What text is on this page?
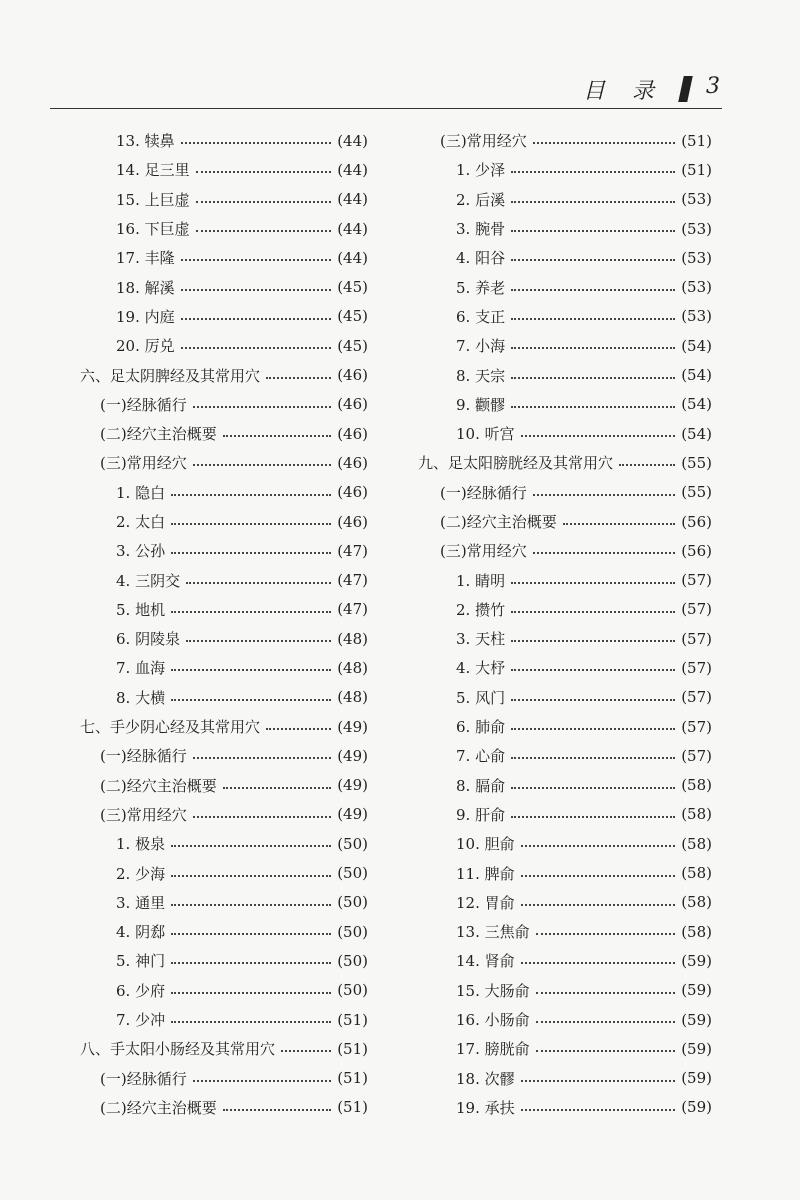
目 录 3
13. 犊鼻	(44)
14. 足三里	(44)
15. 上巨虚	(44)
16. 下巨虚	(44)
17. 丰隆	(44)
18. 解溪	(45)
19. 内庭	(45)
20. 厉兑	(45)
六、足太阴脾经及其常用穴	(46)
(一)经脉循行	(46)
(二)经穴主治概要	(46)
(三)常用经穴	(46)
1. 隐白	(46)
2. 太白	(46)
3. 公孙	(47)
4. 三阴交	(47)
5. 地机	(47)
6. 阴陵泉	(48)
7. 血海	(48)
8. 大横	(48)
七、手少阴心经及其常用穴	(49)
(一)经脉循行	(49)
(二)经穴主治概要	(49)
(三)常用经穴	(49)
1. 极泉	(50)
2. 少海	(50)
3. 通里	(50)
4. 阴郄	(50)
5. 神门	(50)
6. 少府	(50)
7. 少冲	(51)
八、手太阳小肠经及其常用穴	(51)
(一)经脉循行	(51)
(二)经穴主治概要	(51)
(三)常用经穴	(51)
1. 少泽	(51)
2. 后溪	(53)
3. 腕骨	(53)
4. 阳谷	(53)
5. 养老	(53)
6. 支正	(53)
7. 小海	(54)
8. 天宗	(54)
9. 颧髎	(54)
10. 听宫	(54)
九、足太阳膀胱经及其常用穴	(55)
(一)经脉循行	(55)
(二)经穴主治概要	(56)
(三)常用经穴	(56)
1. 睛明	(57)
2. 攒竹	(57)
3. 天柱	(57)
4. 大杼	(57)
5. 风门	(57)
6. 肺俞	(57)
7. 心俞	(57)
8. 膈俞	(58)
9. 肝俞	(58)
10. 胆俞	(58)
11. 脾俞	(58)
12. 胃俞	(58)
13. 三焦俞	(58)
14. 肾俞	(59)
15. 大肠俞	(59)
16. 小肠俞	(59)
17. 膀胱俞	(59)
18. 次髎	(59)
19. 承扶	(59)
